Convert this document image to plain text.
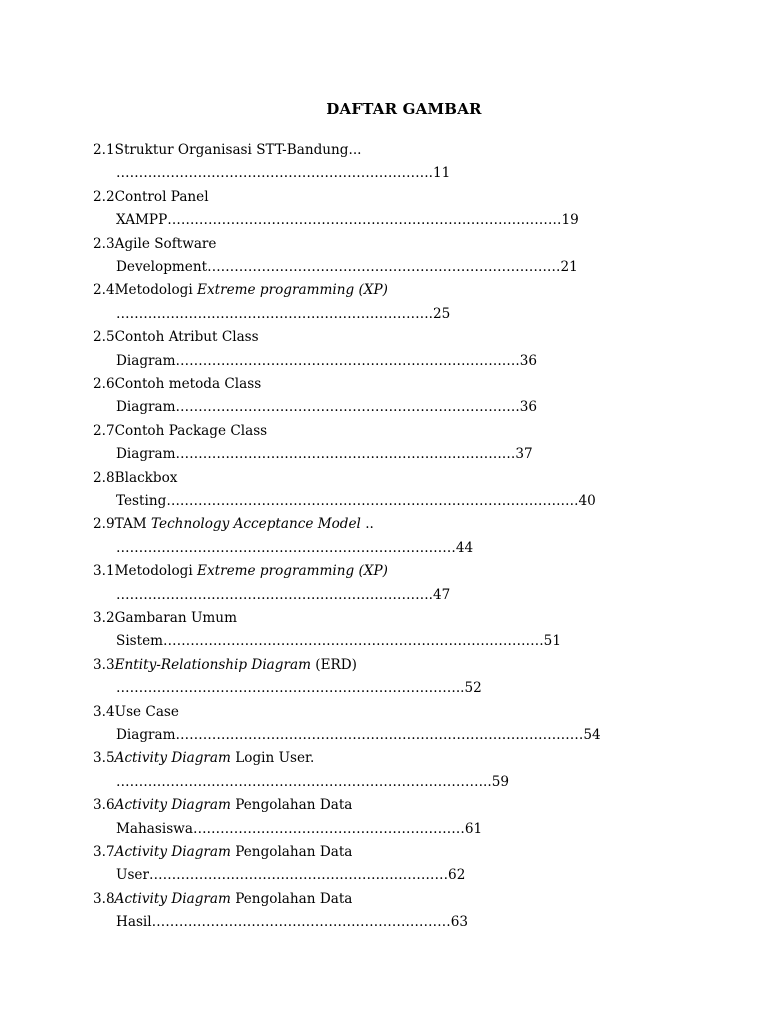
DAFTAR GAMBAR
2.1Struktur Organisasi STT-Bandung...
…………………………………………………………….11
2.2Control Panel
XAMPP……………………………………………………………………………19
2.3Agile Software
Development……………………………………………………………………21
2.4Metodologi Extreme programming (XP)
…………………………………………………………….25
2.5Contoh Atribut Class
Diagram………………………………………………………………….36
2.6Contoh metoda Class
Diagram………………………………………………………………….36
2.7Contoh Package Class
Diagram…………………………………………………………………37
2.8Blackbox
Testing……………………………………………………………………………….40
2.9TAM Technology Acceptance Model ..
…………………………………………………………………44
3.1Metodologi Extreme programming (XP)
…………………………………………………………….47
3.2Gambaran Umum
Sistem…………………………………………………………………………51
3.3Entity-Relationship Diagram (ERD)
…………………………………………………………………..52
3.4Use Case
Diagram………………………………………………………………………………54
3.5Activity Diagram Login User.
………………………………………………………………………..59
3.6Activity Diagram Pengolahan Data
Mahasiswa……………………………………………………61
3.7Activity Diagram Pengolahan Data
User…………………………………………………………62
3.8Activity Diagram Pengolahan Data
Hasil…………………………………………………………63
